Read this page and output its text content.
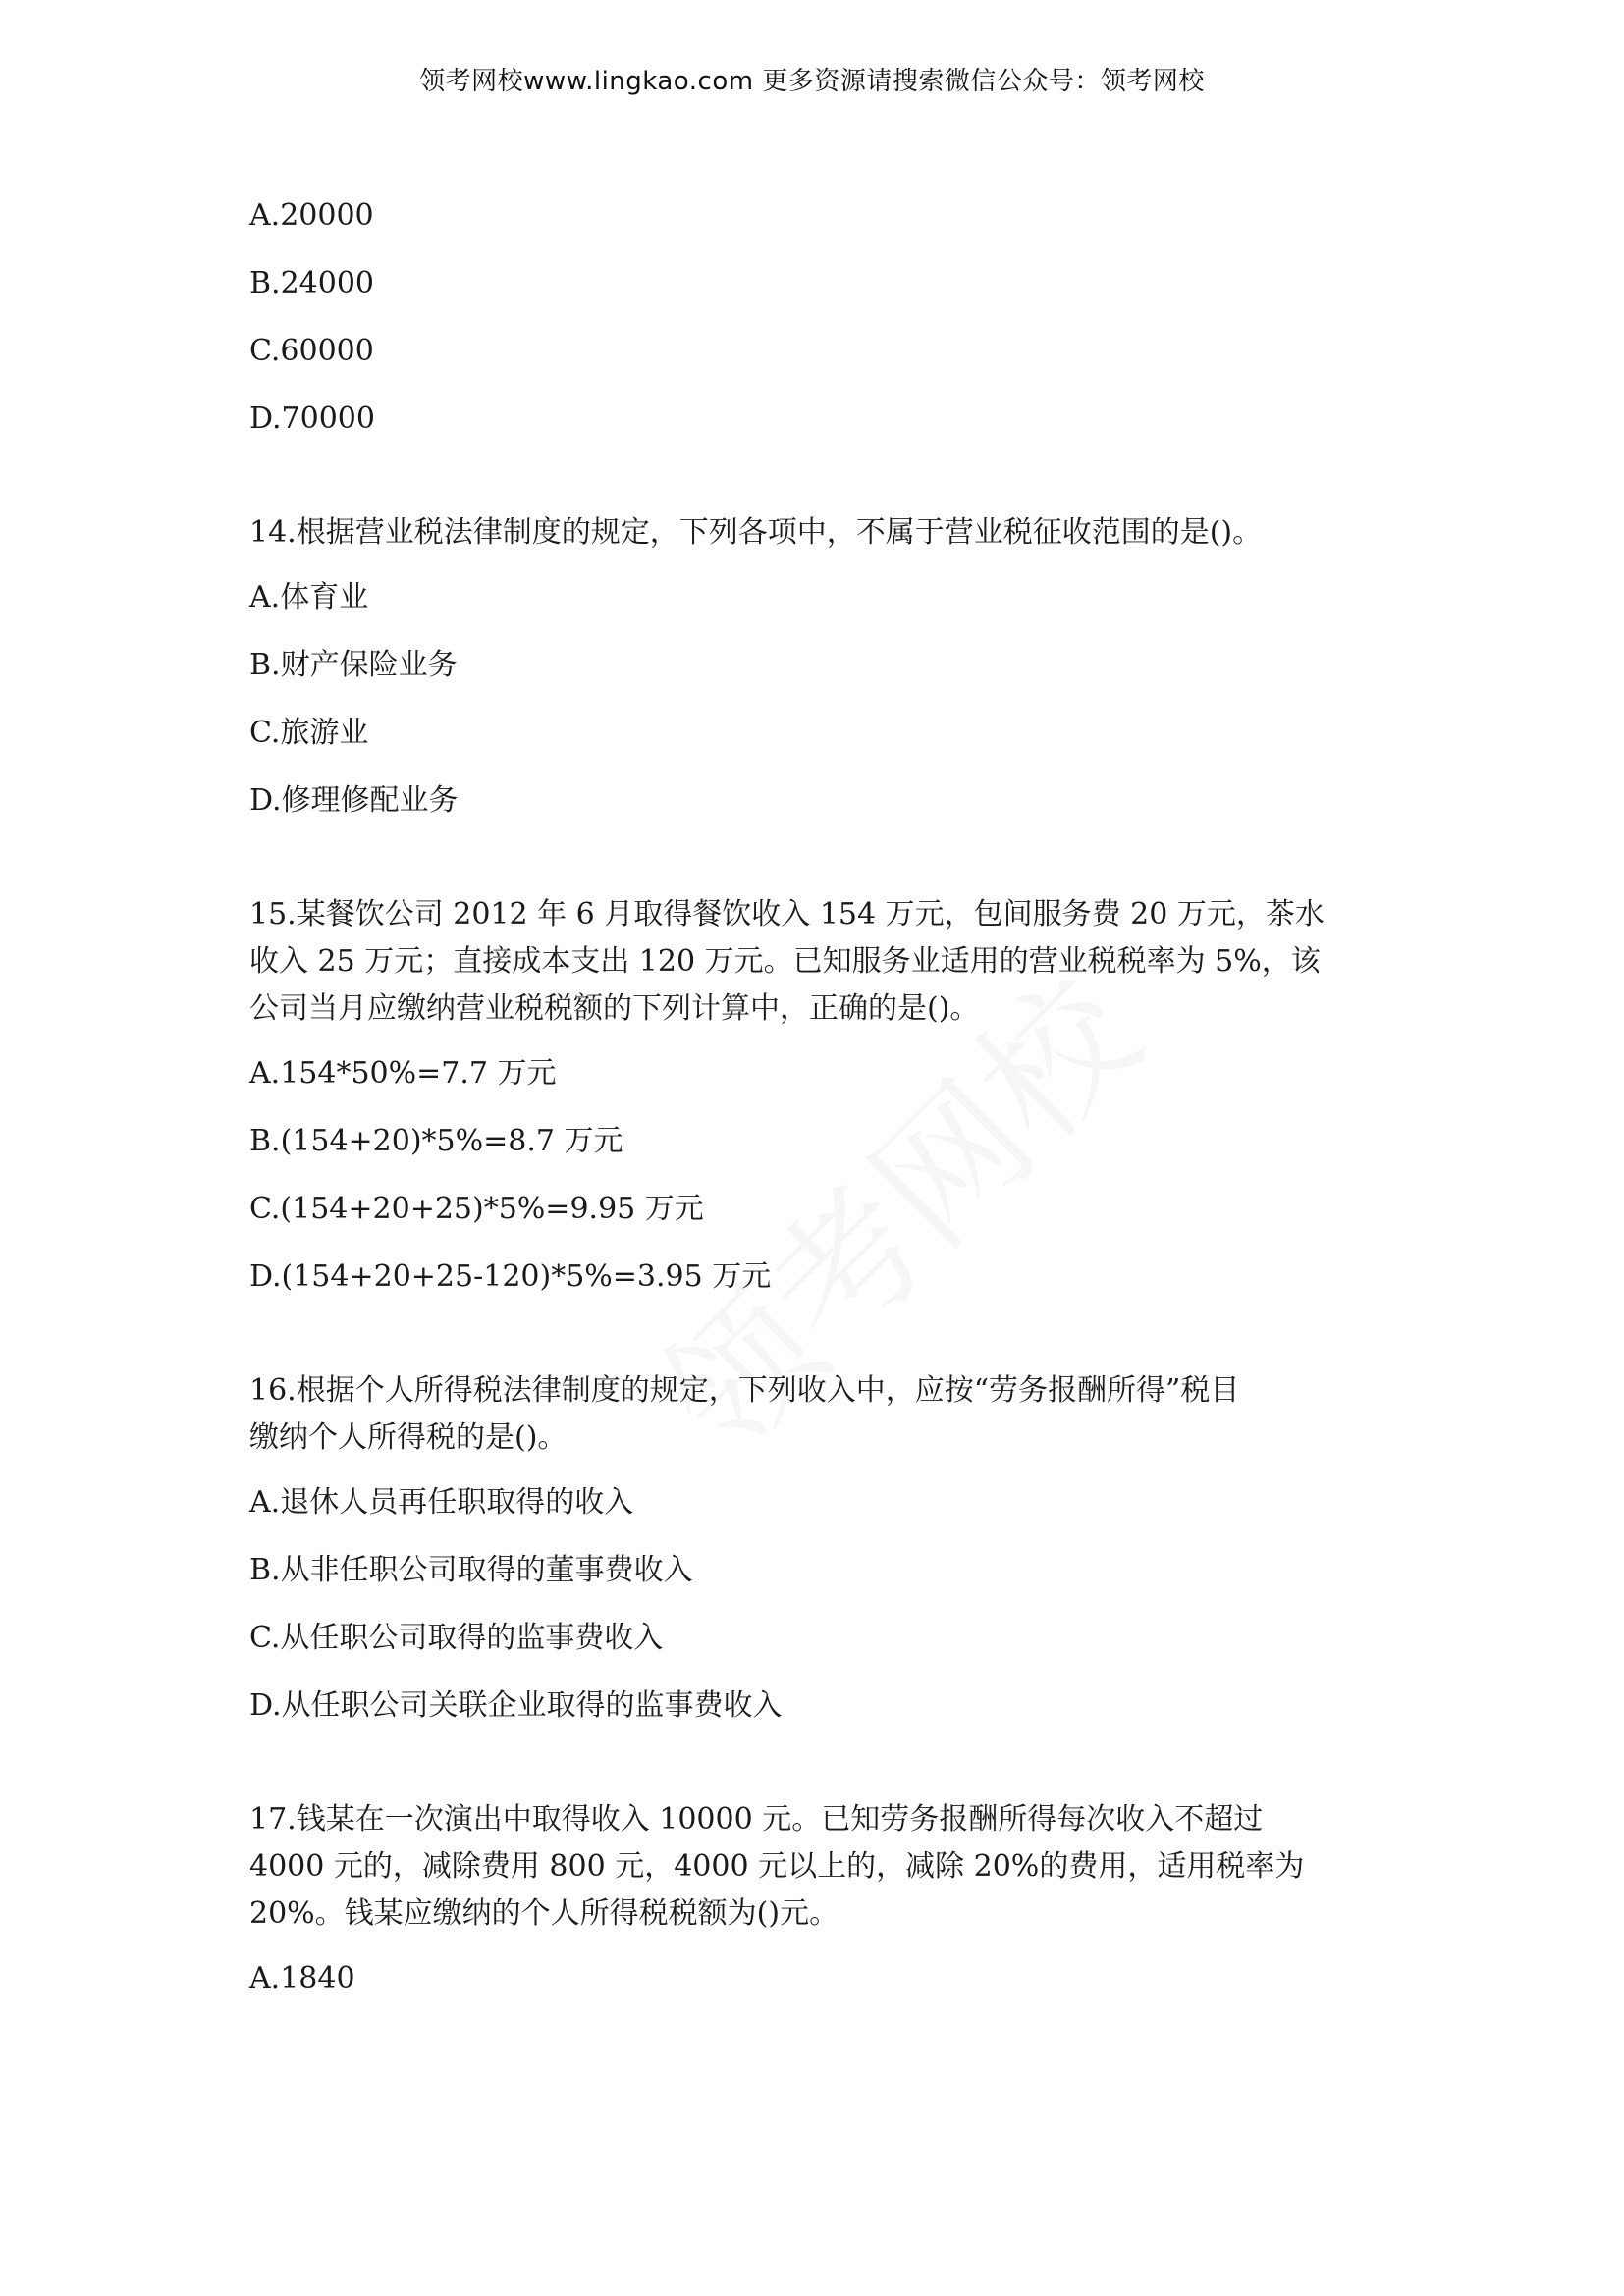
领考网校www.lingkao.com 更多资源请搜索微信公众号：领考网校
A.20000
B.24000
C.60000
D.70000
14.根据营业税法律制度的规定，下列各项中，不属于营业税征收范围的是()。
A.体育业
B.财产保险业务
C.旅游业
D.修理修配业务
15.某餐饮公司 2012 年 6 月取得餐饮收入 154 万元，包间服务费 20 万元，茶水
收入 25 万元；直接成本支出 120 万元。已知服务业适用的营业税税率为 5%，该
公司当月应缴纳营业税税额的下列计算中，正确的是()。
A.154*50%=7.7 万元
B.(154+20)*5%=8.7 万元
C.(154+20+25)*5%=9.95 万元
D.(154+20+25-120)*5%=3.95 万元
16.根据个人所得税法律制度的规定，下列收入中，应按“劳务报酬所得”税目
缴纳个人所得税的是()。
A.退休人员再任职取得的收入
B.从非任职公司取得的董事费收入
C.从任职公司取得的监事费收入
D.从任职公司关联企业取得的监事费收入
17.钱某在一次演出中取得收入 10000 元。已知劳务报酬所得每次收入不超过
4000 元的，减除费用 800 元，4000 元以上的，减除 20%的费用，适用税率为
20%。钱某应缴纳的个人所得税税额为()元。
A.1840
